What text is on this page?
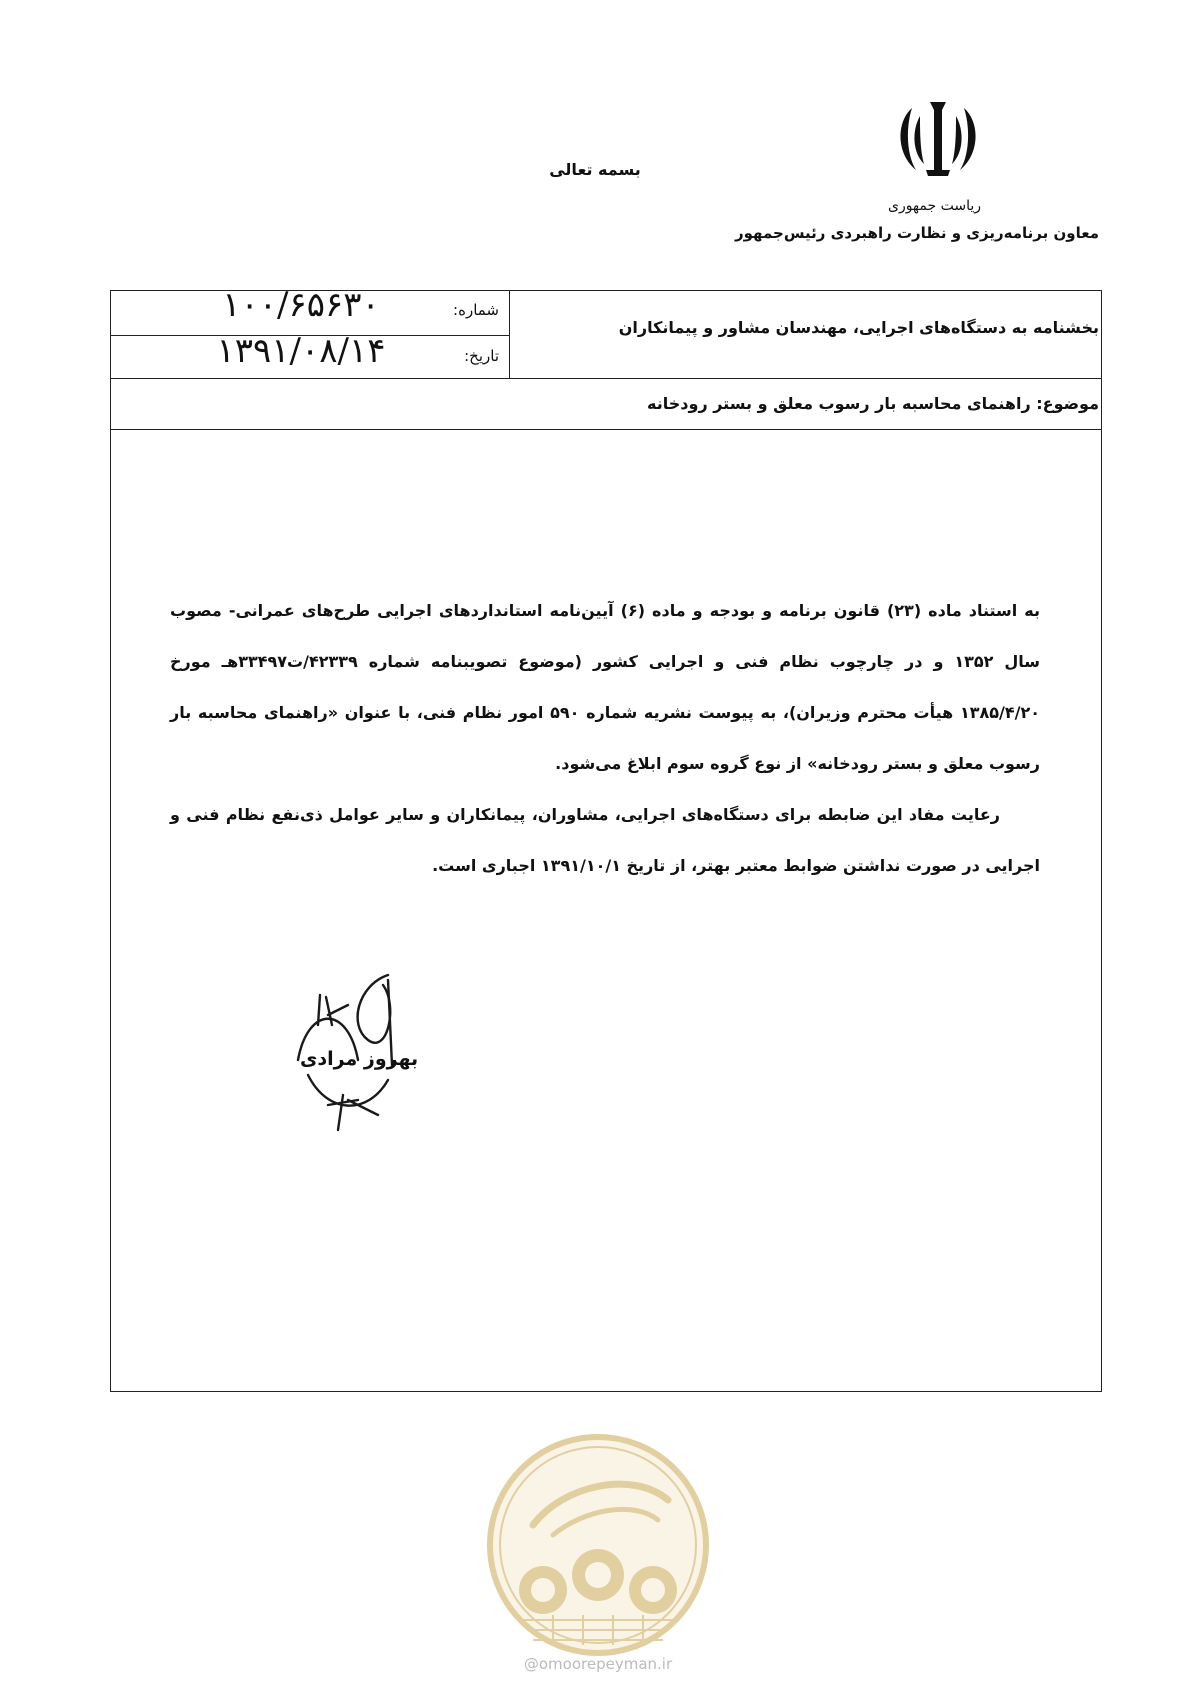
بسمه تعالی
ریاست جمهوری
معاون برنامه‌ریزی و نظارت راهبردی رئیس‌جمهور
شماره:
۱۰۰/۶۵۶۳۰
تاریخ:
۱۳۹۱/۰۸/۱۴
بخشنامه به دستگاه‌های اجرایی، مهندسان مشاور و پیمانکاران
موضوع: راهنمای محاسبه بار رسوب معلق و بستر رودخانه

به استناد ماده (۲۳) قانون برنامه و بودجه و ماده (۶) آیین‌نامه استانداردهای اجرایی طرح‌های عمرانی- مصوب سال ۱۳۵۲ و در چارچوب نظام فنی و اجرایی کشور (موضوع تصویبنامه شماره ۴۲۳۳۹/ت۳۳۴۹۷هـ مورخ ۱۳۸۵/۴/۲۰ هیأت محترم وزیران)، به پیوست نشریه شماره ۵۹۰ امور نظام فنی، با عنوان «راهنمای محاسبه بار رسوب معلق و بستر رودخانه» از نوع گروه سوم ابلاغ می‌شود.

رعایت مفاد این ضابطه برای دستگاه‌های اجرایی، مشاوران، پیمانکاران و سایر عوامل ذی‌نفع نظام فنی و اجرایی در صورت نداشتن ضوابط معتبر بهتر، از تاریخ ۱۳۹۱/۱۰/۱ اجباری است.

بهروز مرادی
@omoorepeyman.ir
